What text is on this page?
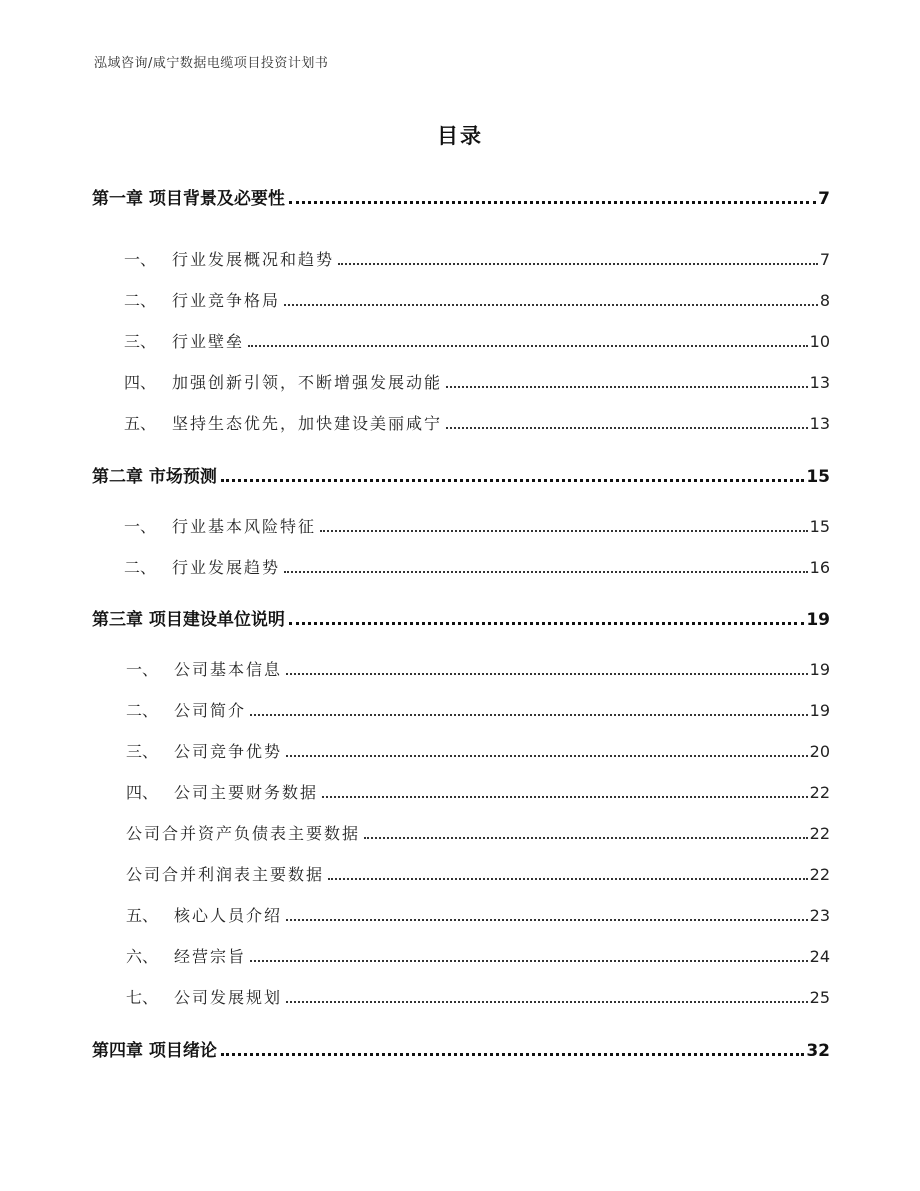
泓域咨询/咸宁数据电缆项目投资计划书
目录
第一章 项目背景及必要性	7
一、 行业发展概况和趋势	7
二、 行业竞争格局	8
三、 行业壁垒	10
四、 加强创新引领，不断增强发展动能	13
五、 坚持生态优先，加快建设美丽咸宁	13
第二章 市场预测	15
一、 行业基本风险特征	15
二、 行业发展趋势	16
第三章 项目建设单位说明	19
一、 公司基本信息	19
二、 公司简介	19
三、 公司竞争优势	20
四、 公司主要财务数据	22
公司合并资产负债表主要数据	22
公司合并利润表主要数据	22
五、 核心人员介绍	23
六、 经营宗旨	24
七、 公司发展规划	25
第四章 项目绪论	32
